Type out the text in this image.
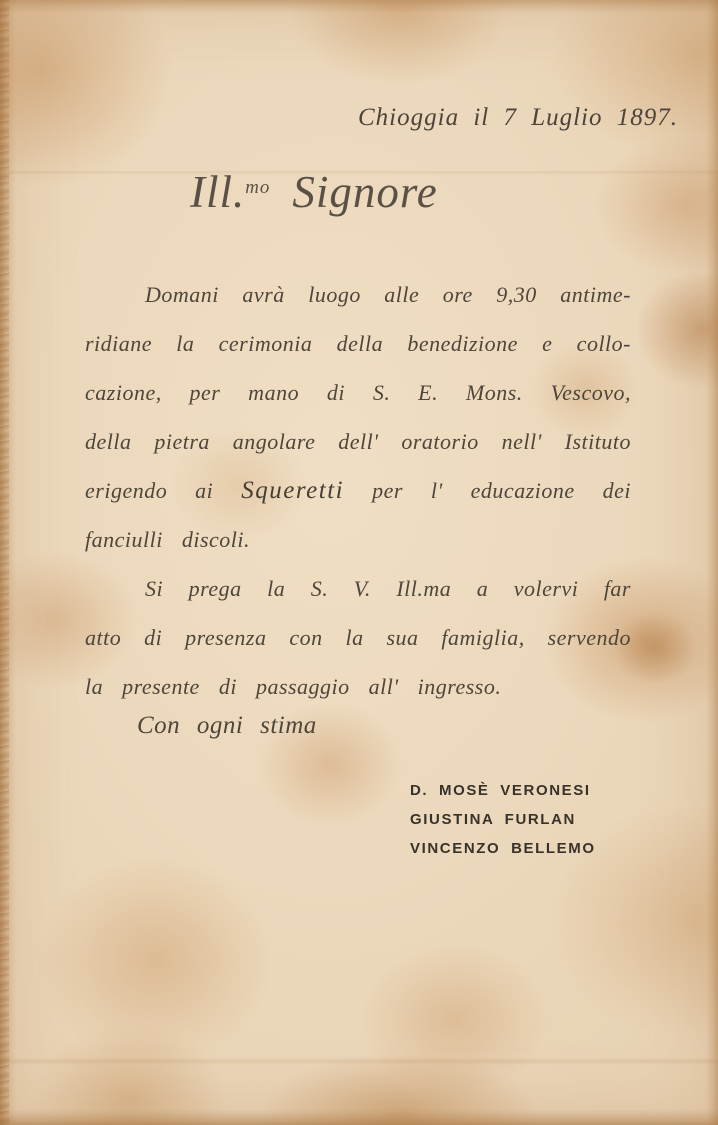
Chioggia il 7 Luglio 1897.
Ill.$^{mo}$ Signore
Domani avrà luogo alle ore 9,30 antime-
ridiane la cerimonia della benedizione e collo-
cazione, per mano di S. E. Mons. Vescovo,
della pietra angolare dell' oratorio nell' Istituto
erigendo ai Squeretti per l' educazione dei
fanciulli discoli.
Si prega la S. V. Ill.ma a volervi far
atto di presenza con la sua famiglia, servendo
la presente di passaggio all' ingresso.
Con ogni stima
D. MOSÈ VERONESI
GIUSTINA FURLAN
VINCENZO BELLEMO
